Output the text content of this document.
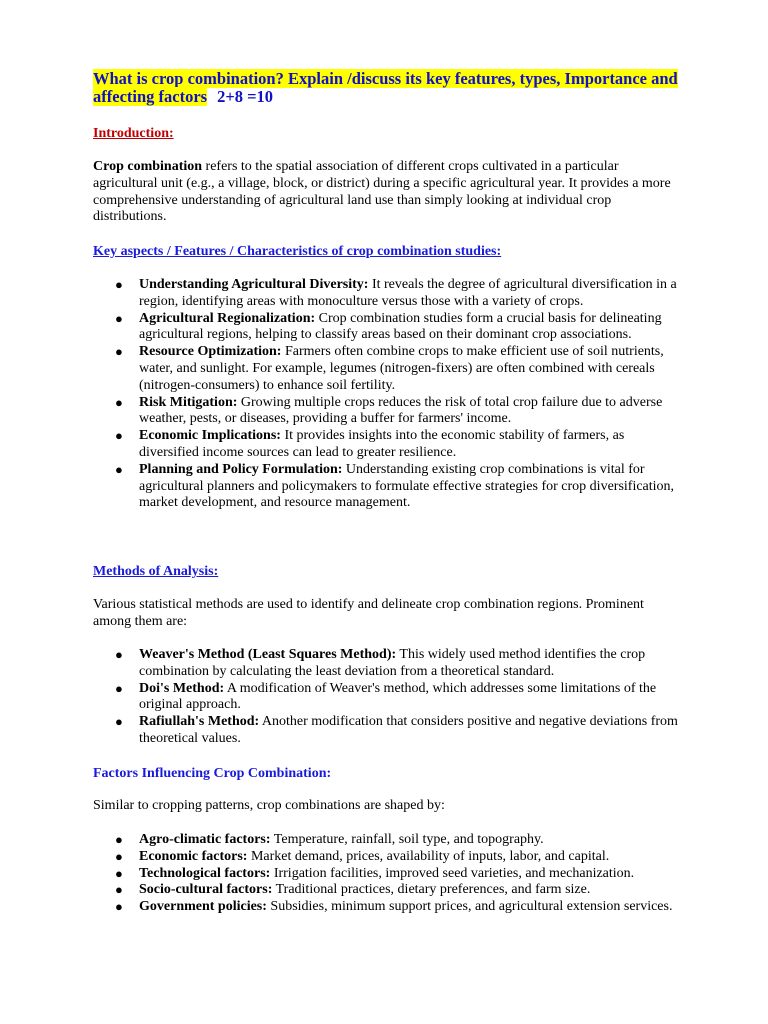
What is crop combination? Explain /discuss its key features, types, Importance and affecting factors 2+8 =10
Introduction:
Crop combination refers to the spatial association of different crops cultivated in a particular agricultural unit (e.g., a village, block, or district) during a specific agricultural year. It provides a more comprehensive understanding of agricultural land use than simply looking at individual crop distributions.
Key aspects / Features / Characteristics of crop combination studies:
● Understanding Agricultural Diversity: It reveals the degree of agricultural diversification in a region, identifying areas with monoculture versus those with a variety of crops.
● Agricultural Regionalization: Crop combination studies form a crucial basis for delineating agricultural regions, helping to classify areas based on their dominant crop associations.
● Resource Optimization: Farmers often combine crops to make efficient use of soil nutrients, water, and sunlight. For example, legumes (nitrogen-fixers) are often combined with cereals (nitrogen-consumers) to enhance soil fertility.
● Risk Mitigation: Growing multiple crops reduces the risk of total crop failure due to adverse weather, pests, or diseases, providing a buffer for farmers' income.
● Economic Implications: It provides insights into the economic stability of farmers, as diversified income sources can lead to greater resilience.
● Planning and Policy Formulation: Understanding existing crop combinations is vital for agricultural planners and policymakers to formulate effective strategies for crop diversification, market development, and resource management.
Methods of Analysis:
Various statistical methods are used to identify and delineate crop combination regions. Prominent among them are:
● Weaver's Method (Least Squares Method): This widely used method identifies the crop combination by calculating the least deviation from a theoretical standard.
● Doi's Method: A modification of Weaver's method, which addresses some limitations of the original approach.
● Rafiullah's Method: Another modification that considers positive and negative deviations from theoretical values.
Factors Influencing Crop Combination:
Similar to cropping patterns, crop combinations are shaped by:
● Agro-climatic factors: Temperature, rainfall, soil type, and topography.
● Economic factors: Market demand, prices, availability of inputs, labor, and capital.
● Technological factors: Irrigation facilities, improved seed varieties, and mechanization.
● Socio-cultural factors: Traditional practices, dietary preferences, and farm size.
● Government policies: Subsidies, minimum support prices, and agricultural extension services.
